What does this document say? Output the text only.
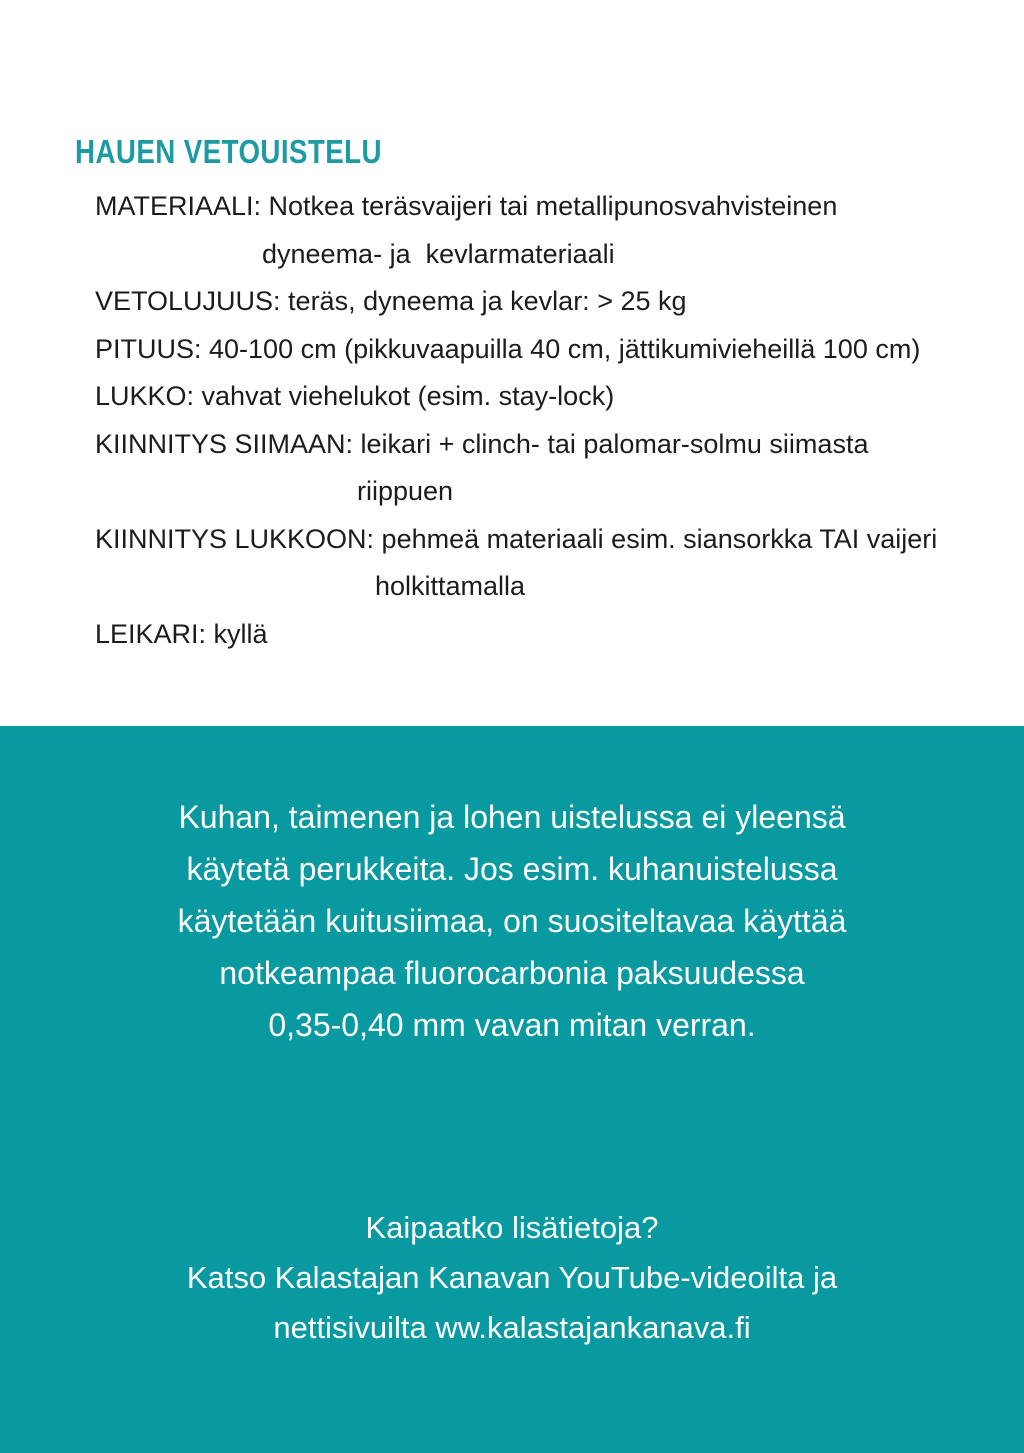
HAUEN VETOUISTELU
MATERIAALI: Notkea teräsvaijeri tai metallipunosvahvisteinen
dyneema- ja  kevlarmateriaali
VETOLUJUUS: teräs, dyneema ja kevlar: > 25 kg
PITUUS: 40-100 cm (pikkuvaapuilla 40 cm, jättikumivieheillä 100 cm)
LUKKO: vahvat viehelukot (esim. stay-lock)
KIINNITYS SIIMAAN: leikari + clinch- tai palomar-solmu siimasta
riippuen
KIINNITYS LUKKOON: pehmeä materiaali esim. siansorkka TAI vaijeri
holkittamalla
LEIKARI: kyllä
Kuhan, taimenen ja lohen uistelussa ei yleensä
käytetä perukkeita. Jos esim. kuhanuistelussa
käytetään kuitusiimaa, on suositeltavaa käyttää
notkeampaa fluorocarbonia paksuudessa
0,35-0,40 mm vavan mitan verran.
Kaipaatko lisätietoja?
Katso Kalastajan Kanavan YouTube-videoilta ja
nettisivuilta ww.kalastajankanava.fi
